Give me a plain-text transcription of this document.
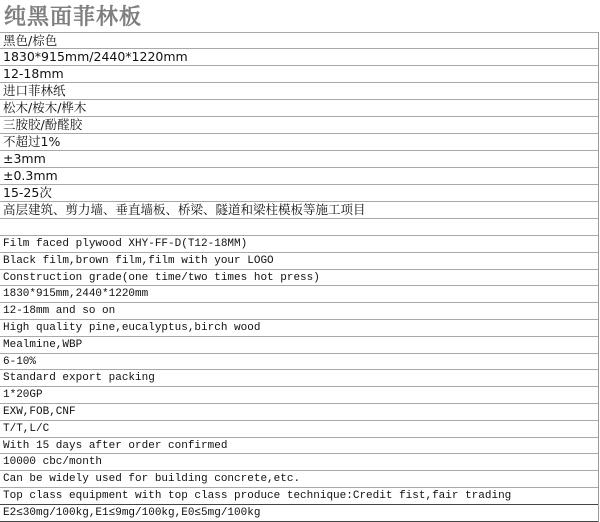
纯黑面菲林板
黑色/棕色
1830*915mm/2440*1220mm
12-18mm
进口菲林纸
松木/桉木/桦木
三胺胶/酚醛胶
不超过1%
±3mm
±0.3mm
15-25次
高层建筑、剪力墙、垂直墙板、桥梁、隧道和梁柱模板等施工项目
Film faced plywood XHY-FF-D(T12-18MM)
Black film,brown film,film with your LOGO
Construction grade(one time/two times hot press)
1830*915mm,2440*1220mm
12-18mm and so on
High quality pine,eucalyptus,birch wood
Mealmine,WBP
6-10%
Standard export packing
1*20GP
EXW,FOB,CNF
T/T,L/C
With 15 days after order confirmed
10000 cbc/month
Can be widely used for building concrete,etc.
Top class equipment with top class produce technique:Credit fist,fair trading
E2≤30mg/100kg,E1≤9mg/100kg,E0≤5mg/100kg
